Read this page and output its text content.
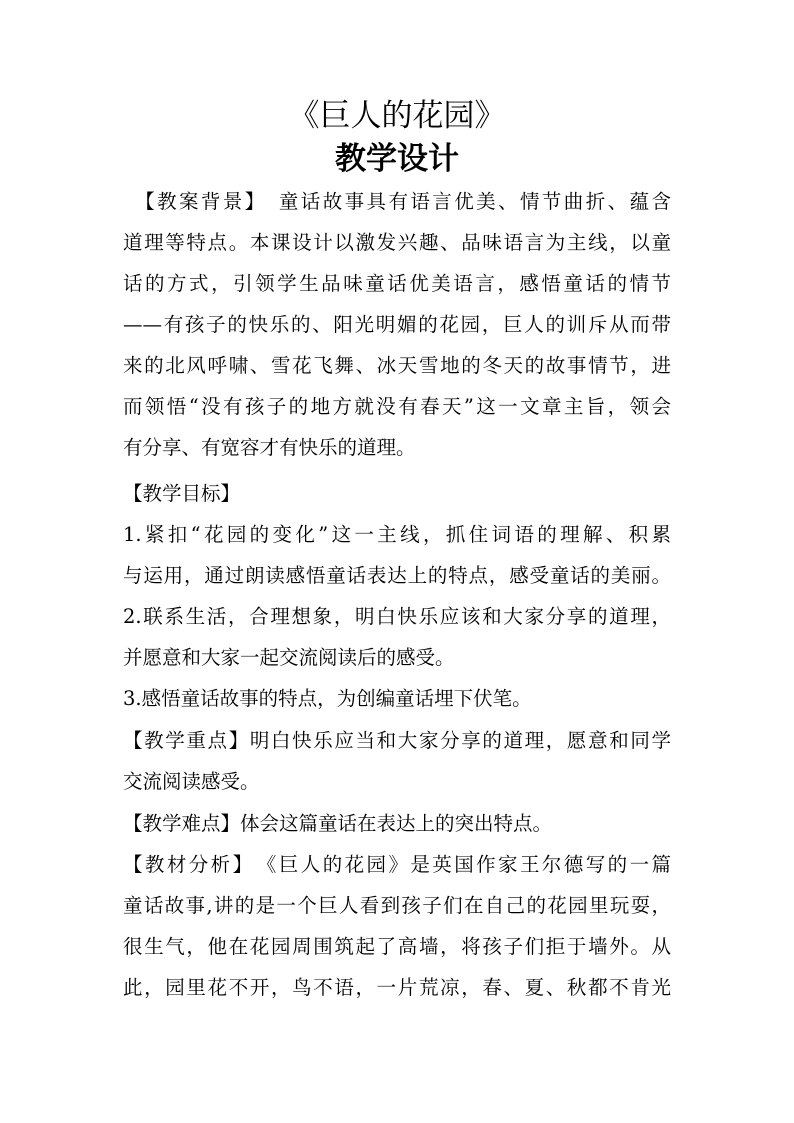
《巨人的花园》
教学设计
　【教案背景】　童话故事具有语言优美、情节曲折、蕴含
道理等特点。本课设计以激发兴趣、品味语言为主线，以童
话的方式，引领学生品味童话优美语言，感悟童话的情节
——有孩子的快乐的、阳光明媚的花园，巨人的训斥从而带
来的北风呼啸、雪花飞舞、冰天雪地的冬天的故事情节，进
而领悟“没有孩子的地方就没有春天”这一文章主旨，领会
有分享、有宽容才有快乐的道理。
【教学目标】
1.紧扣“花园的变化”这一主线，抓住词语的理解、积累
与运用，通过朗读感悟童话表达上的特点，感受童话的美丽。
2.联系生活，合理想象，明白快乐应该和大家分享的道理，
并愿意和大家一起交流阅读后的感受。
3.感悟童话故事的特点，为创编童话埋下伏笔。
【教学重点】明白快乐应当和大家分享的道理，愿意和同学
交流阅读感受。
【教学难点】体会这篇童话在表达上的突出特点。
【教材分析】　《巨人的花园》是英国作家王尔德写的一篇
童话故事,讲的是一个巨人看到孩子们在自己的花园里玩耍，
很生气，他在花园周围筑起了高墙，将孩子们拒于墙外。从
此，园里花不开，鸟不语，一片荒凉，春、夏、秋都不肯光
